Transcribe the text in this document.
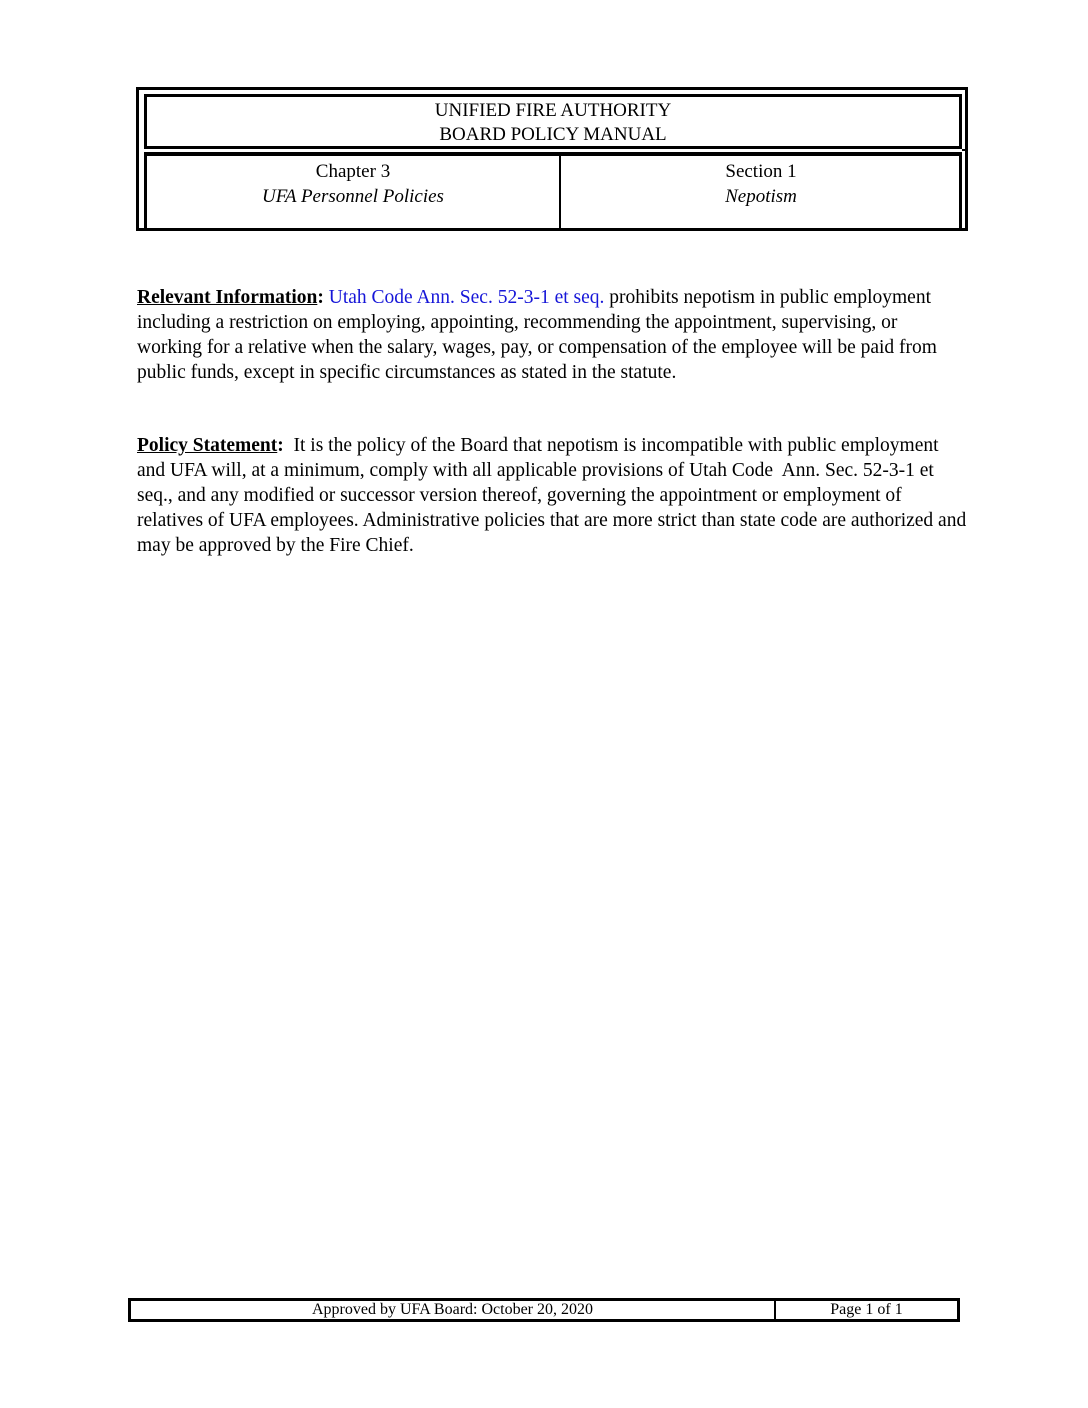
UNIFIED FIRE AUTHORITY
BOARD POLICY MANUAL
Chapter 3
UFA Personnel Policies
Section 1
Nepotism

Relevant Information: Utah Code Ann. Sec. 52-3-1 et seq. prohibits nepotism in public employment including a restriction on employing, appointing, recommending the appointment, supervising, or working for a relative when the salary, wages, pay, or compensation of the employee will be paid from public funds, except in specific circumstances as stated in the statute.

Policy Statement:  It is the policy of the Board that nepotism is incompatible with public employment and UFA will, at a minimum, comply with all applicable provisions of Utah Code  Ann. Sec. 52-3-1 et seq., and any modified or successor version thereof, governing the appointment or employment of relatives of UFA employees. Administrative policies that are more strict than state code are authorized and may be approved by the Fire Chief.

Approved by UFA Board: October 20, 2020	Page 1 of 1
